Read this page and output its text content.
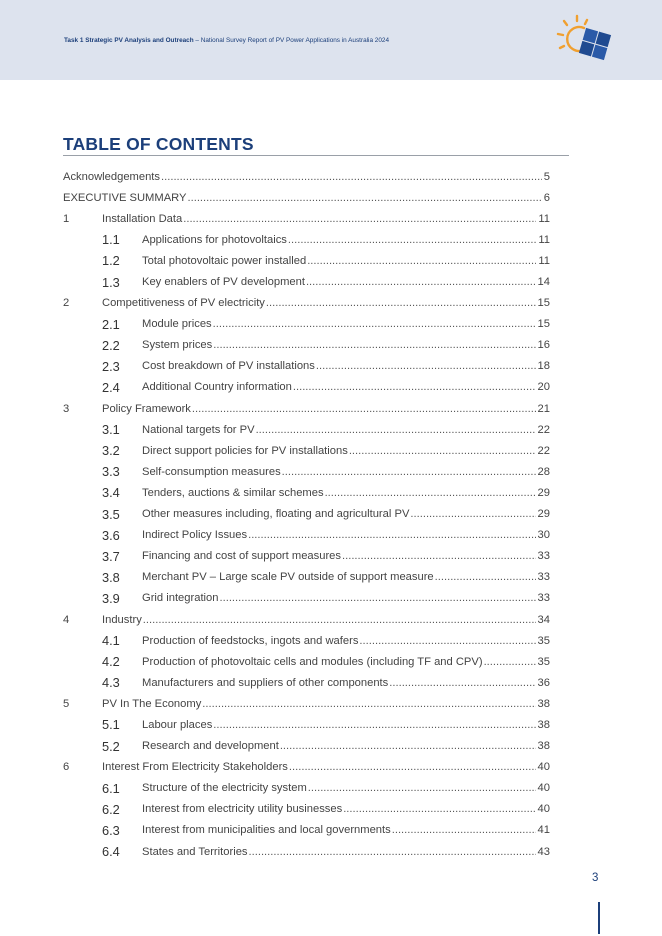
Task 1 Strategic PV Analysis and Outreach – National Survey Report of PV Power Applications in Australia 2024
TABLE OF CONTENTS
Acknowledgements .....	5
EXECUTIVE SUMMARY .....	6
1	Installation Data .....	11
1.1	Applications for photovoltaics .....	11
1.2	Total photovoltaic power installed .....	11
1.3	Key enablers of PV development .....	14
2	Competitiveness of PV electricity .....	15
2.1	Module prices .....	15
2.2	System prices .....	16
2.3	Cost breakdown of PV installations .....	18
2.4	Additional Country information .....	20
3	Policy Framework .....	21
3.1	National targets for PV .....	22
3.2	Direct support policies for PV installations .....	22
3.3	Self-consumption measures .....	28
3.4	Tenders, auctions & similar schemes .....	29
3.5	Other measures including, floating and agricultural PV .....	29
3.6	Indirect Policy Issues .....	30
3.7	Financing and cost of support measures .....	33
3.8	Merchant PV – Large scale PV outside of support measure .....	33
3.9	Grid integration .....	33
4	Industry .....	34
4.1	Production of feedstocks, ingots and wafers .....	35
4.2	Production of photovoltaic cells and modules (including TF and CPV) .....	35
4.3	Manufacturers and suppliers of other components .....	36
5	PV In The Economy .....	38
5.1	Labour places .....	38
5.2	Research and development .....	38
6	Interest From Electricity Stakeholders .....	40
6.1	Structure of the electricity system .....	40
6.2	Interest from electricity utility businesses .....	40
6.3	Interest from municipalities and local governments .....	41
6.4	States and Territories .....	43
3
